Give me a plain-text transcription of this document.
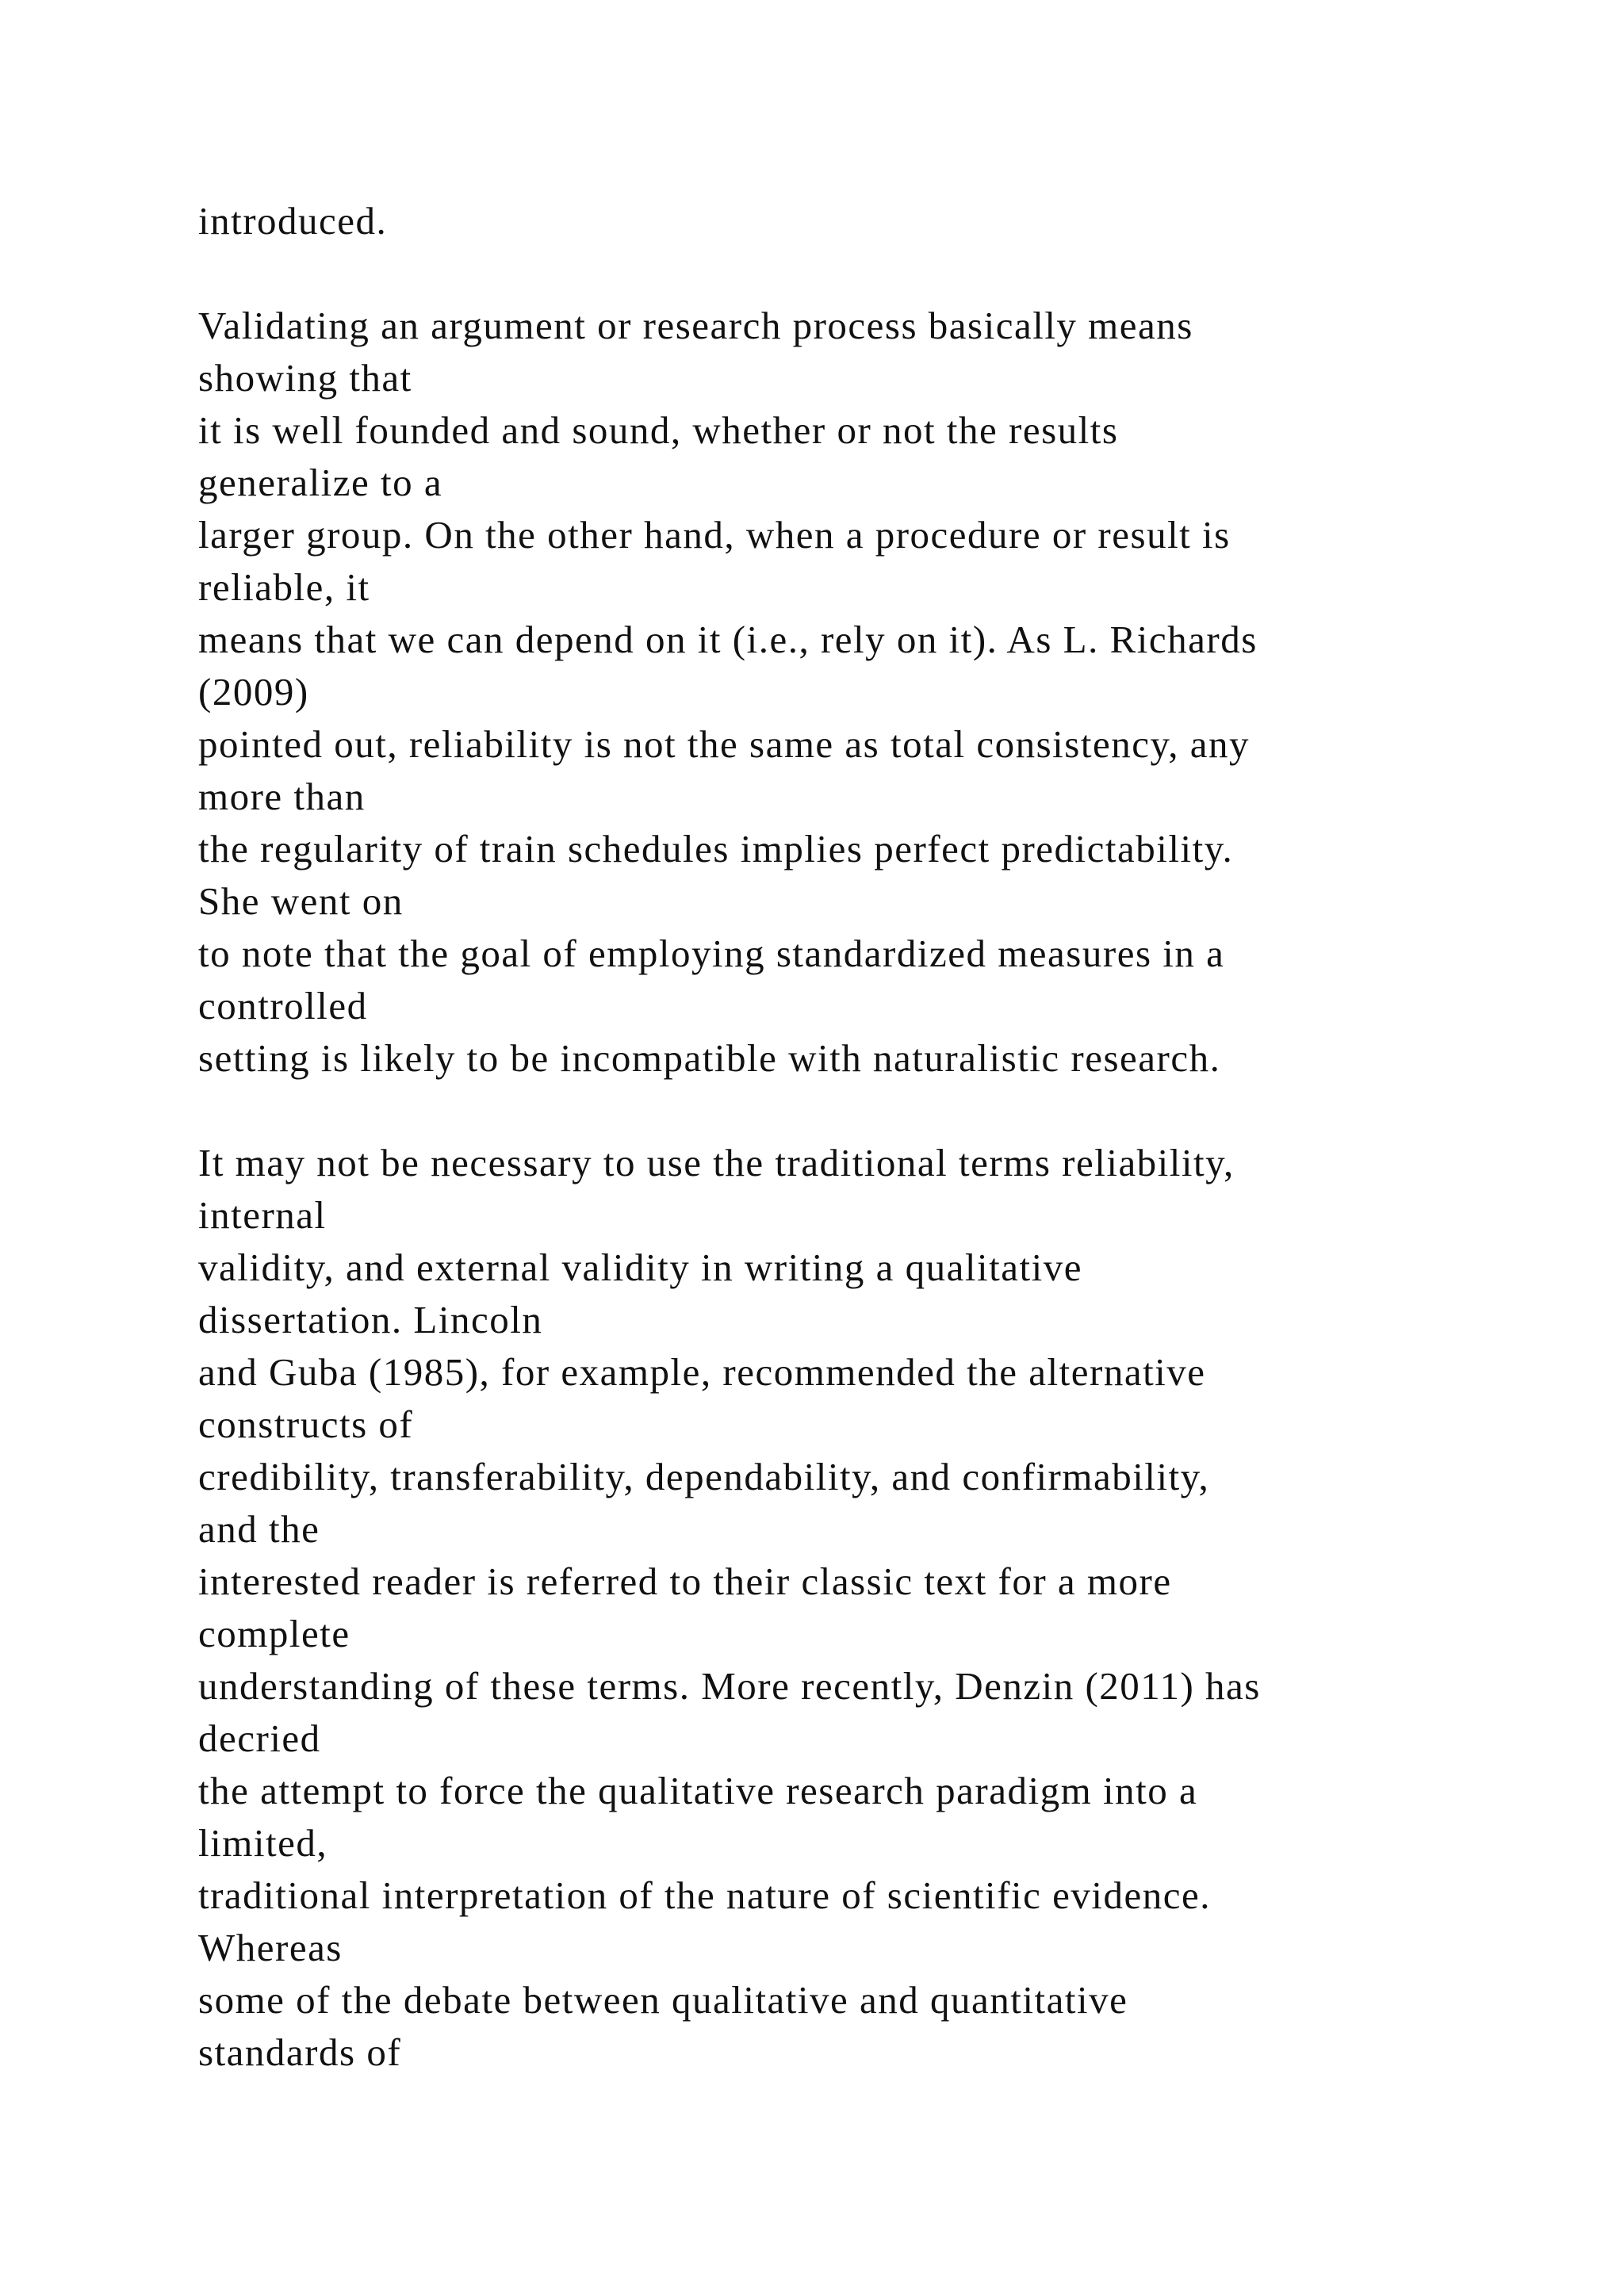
introduced.
Validating an argument or research process basically means
showing that
it is well founded and sound, whether or not the results
generalize to a
larger group. On the other hand, when a procedure or result is
reliable, it
means that we can depend on it (i.e., rely on it). As L. Richards
(2009)
pointed out, reliability is not the same as total consistency, any
more than
the regularity of train schedules implies perfect predictability.
She went on
to note that the goal of employing standardized measures in a
controlled
setting is likely to be incompatible with naturalistic research.
It may not be necessary to use the traditional terms reliability,
internal
validity, and external validity in writing a qualitative
dissertation. Lincoln
and Guba (1985), for example, recommended the alternative
constructs of
credibility, transferability, dependability, and confirmability,
and the
interested reader is referred to their classic text for a more
complete
understanding of these terms. More recently, Denzin (2011) has
decried
the attempt to force the qualitative research paradigm into a
limited,
traditional interpretation of the nature of scientific evidence.
Whereas
some of the debate between qualitative and quantitative
standards of
